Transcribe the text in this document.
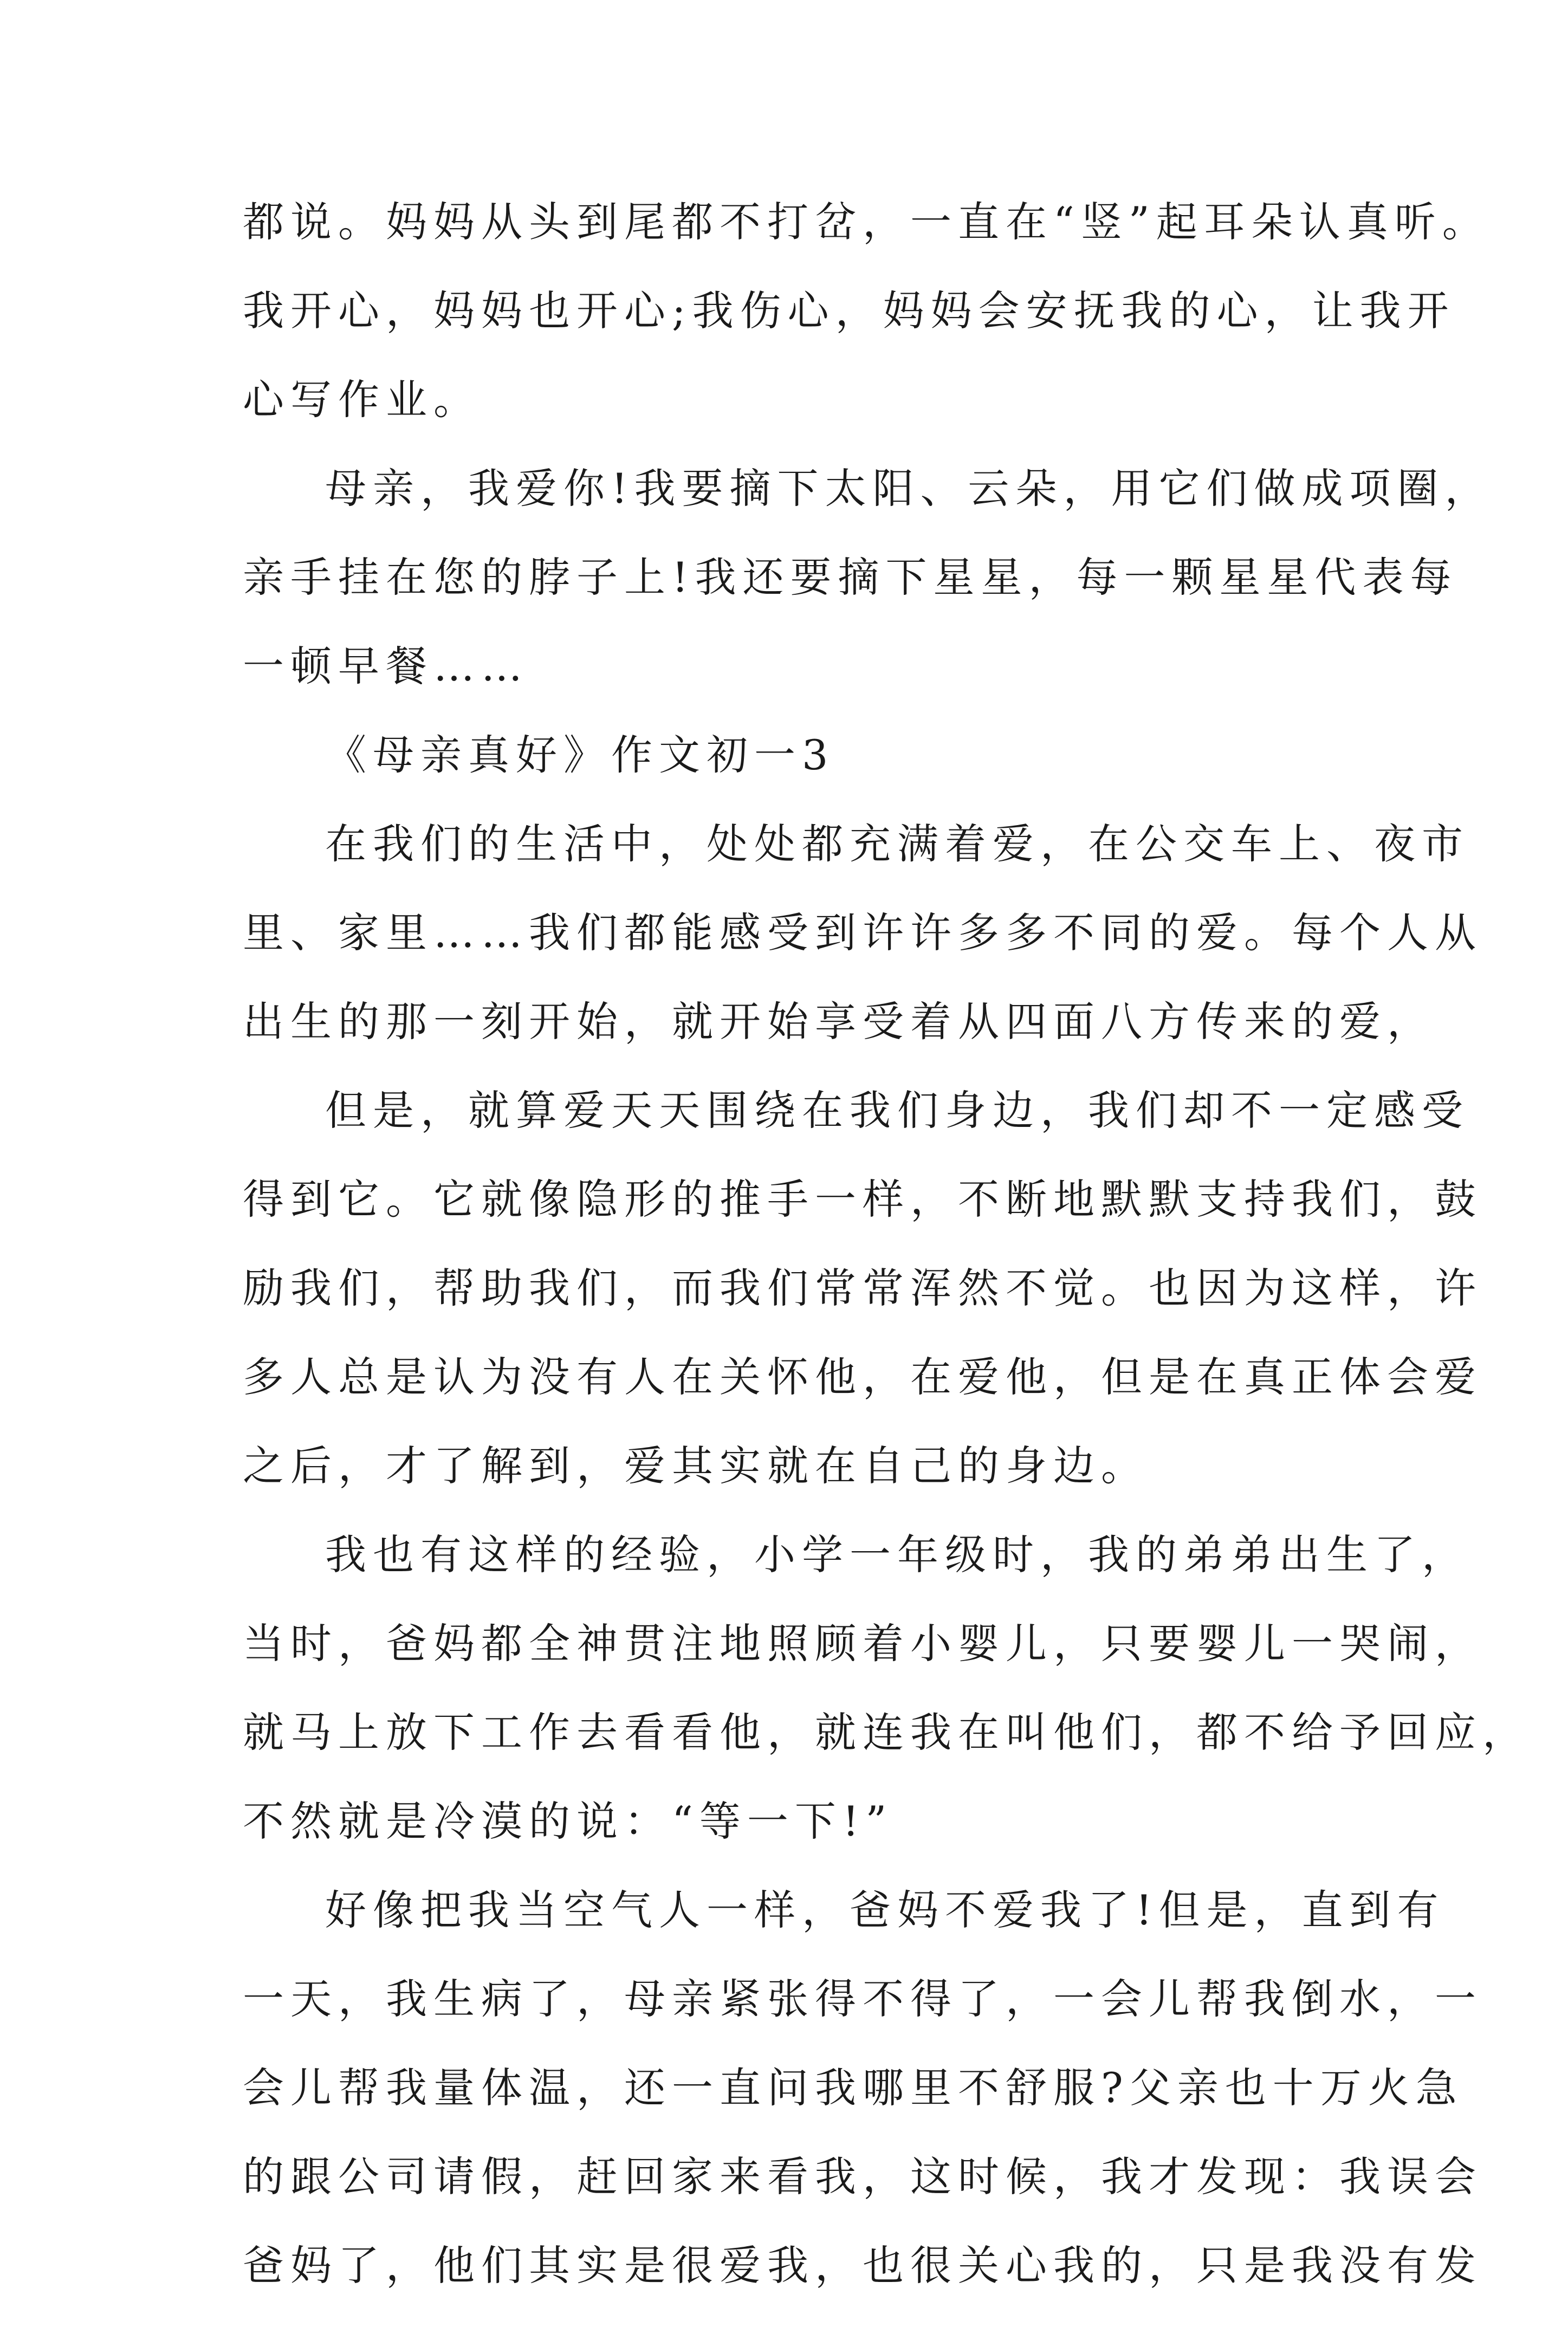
都说。妈妈从头到尾都不打岔，一直在“竖”起耳朵认真听。
我开心，妈妈也开心;我伤心，妈妈会安抚我的心，让我开
心写作业。
母亲，我爱你!我要摘下太阳、云朵，用它们做成项圈，
亲手挂在您的脖子上!我还要摘下星星，每一颗星星代表每
一顿早餐……
《母亲真好》作文初一3
在我们的生活中，处处都充满着爱，在公交车上、夜市
里、家里……我们都能感受到许许多多不同的爱。每个人从
出生的那一刻开始，就开始享受着从四面八方传来的爱，
但是，就算爱天天围绕在我们身边，我们却不一定感受
得到它。它就像隐形的推手一样，不断地默默支持我们，鼓
励我们，帮助我们，而我们常常浑然不觉。也因为这样，许
多人总是认为没有人在关怀他，在爱他，但是在真正体会爱
之后，才了解到，爱其实就在自己的身边。
我也有这样的经验，小学一年级时，我的弟弟出生了，
当时，爸妈都全神贯注地照顾着小婴儿，只要婴儿一哭闹，
就马上放下工作去看看他，就连我在叫他们，都不给予回应，
不然就是冷漠的说：“等一下!”
好像把我当空气人一样，爸妈不爱我了!但是，直到有
一天，我生病了，母亲紧张得不得了，一会儿帮我倒水，一
会儿帮我量体温，还一直问我哪里不舒服?父亲也十万火急
的跟公司请假，赶回家来看我，这时候，我才发现：我误会
爸妈了，他们其实是很爱我，也很关心我的，只是我没有发
